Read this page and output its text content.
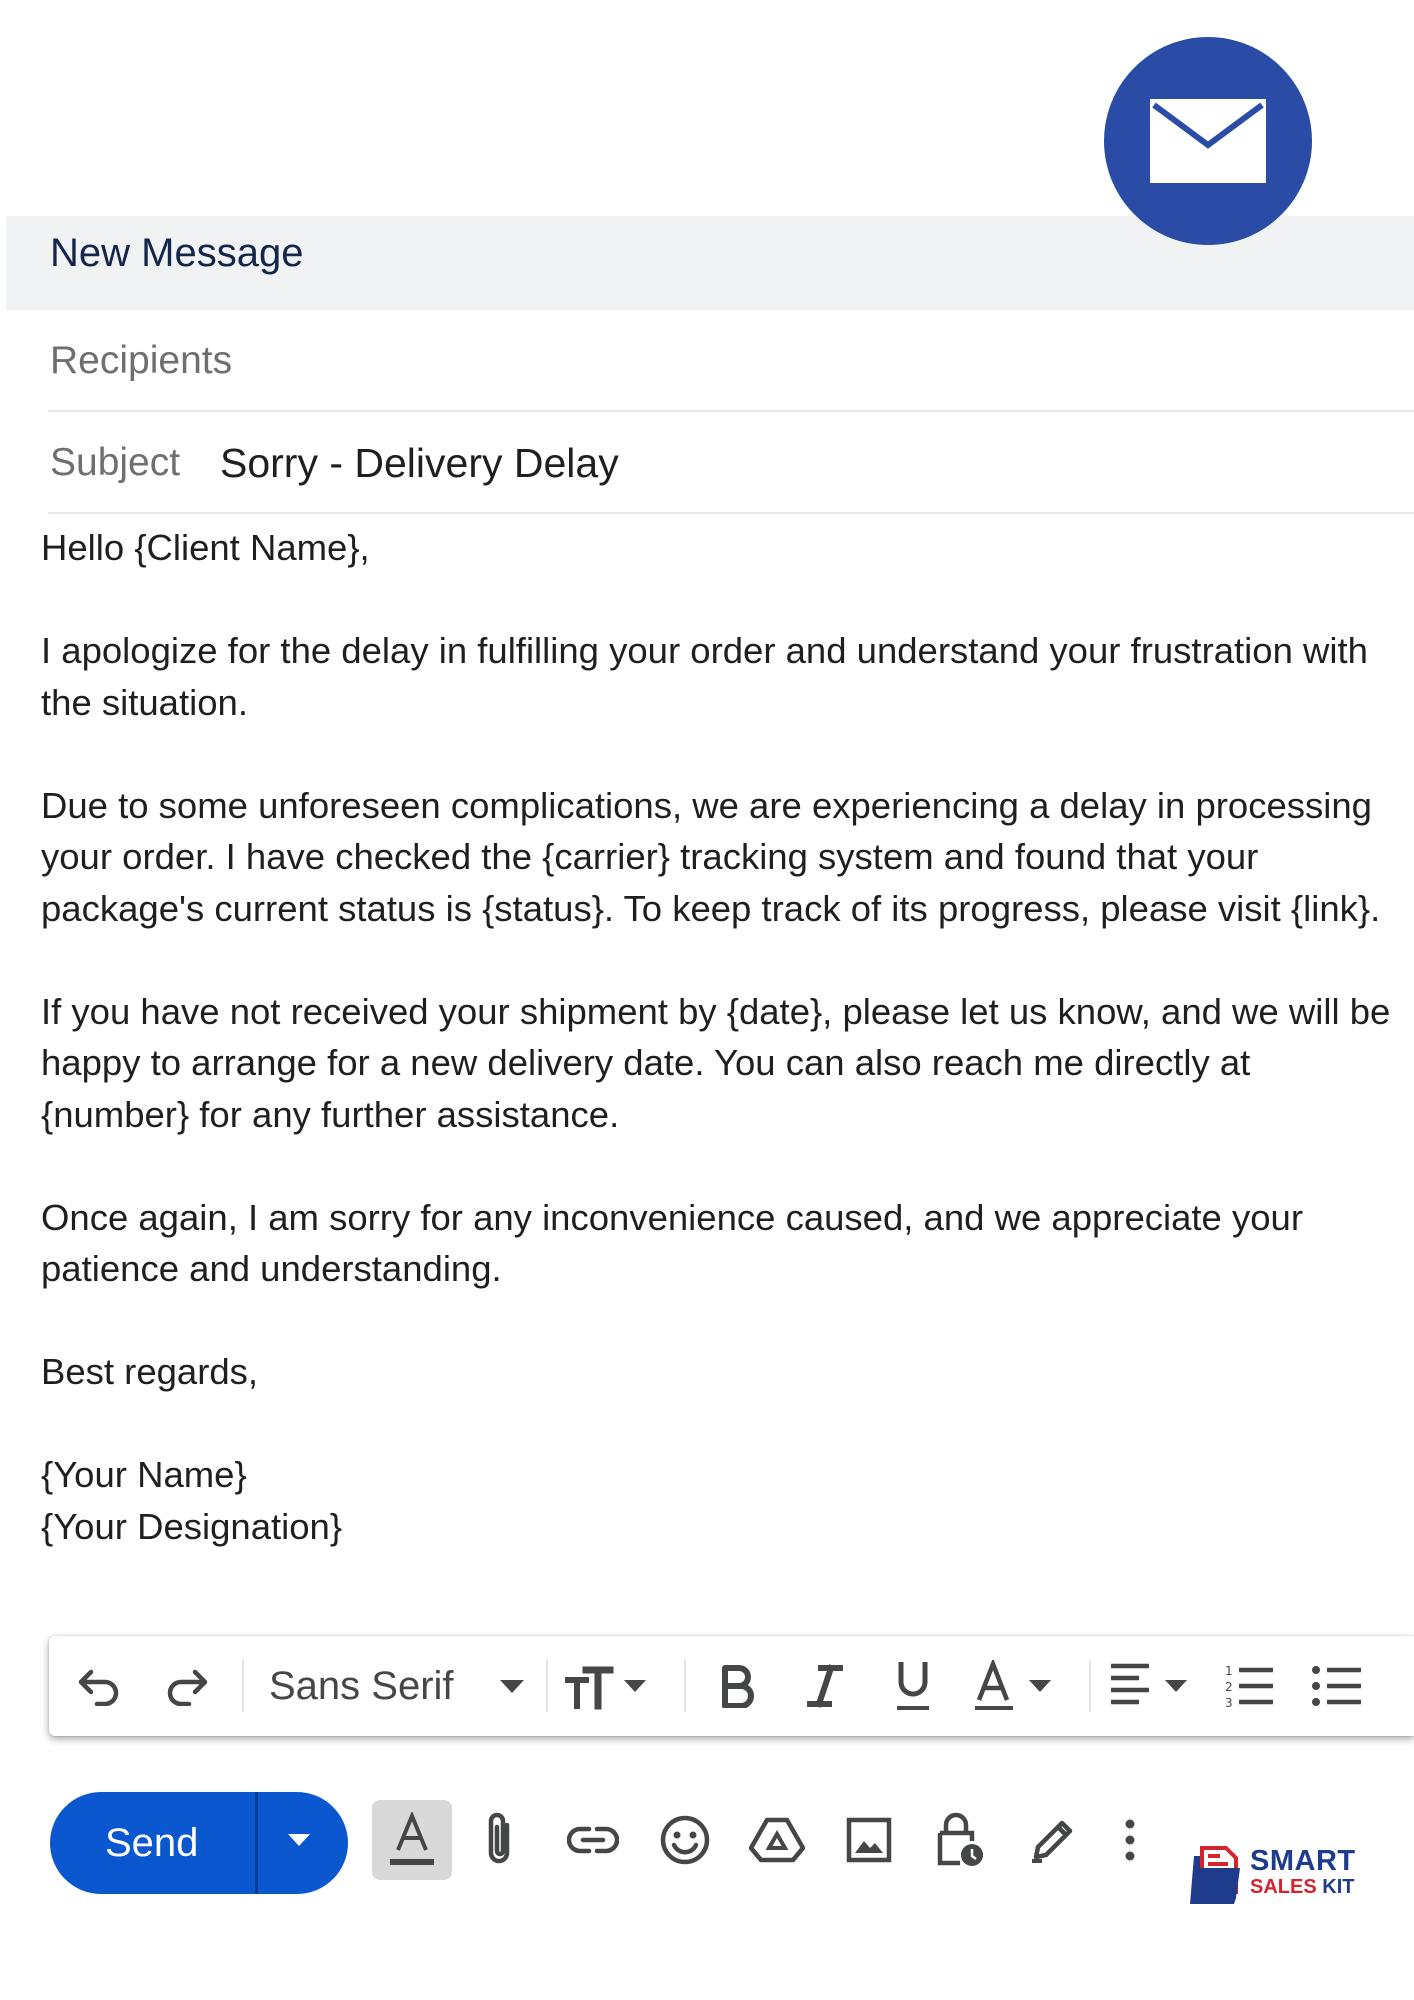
New Message
Recipients
Subject Sorry - Delivery Delay

Hello {Client Name},

I apologize for the delay in fulfilling your order and understand your frustration with the situation.

Due to some unforeseen complications, we are experiencing a delay in processing your order. I have checked the {carrier} tracking system and found that your package's current status is {status}. To keep track of its progress, please visit {link}.

If you have not received your shipment by {date}, please let us know, and we will be happy to arrange for a new delivery date. You can also reach me directly at {number} for any further assistance.

Once again, I am sorry for any inconvenience caused, and we appreciate your patience and understanding.

Best regards,

{Your Name}

{Your Designation}

Sans Serif	1
2
3
Send	SMART
SALES KIT
